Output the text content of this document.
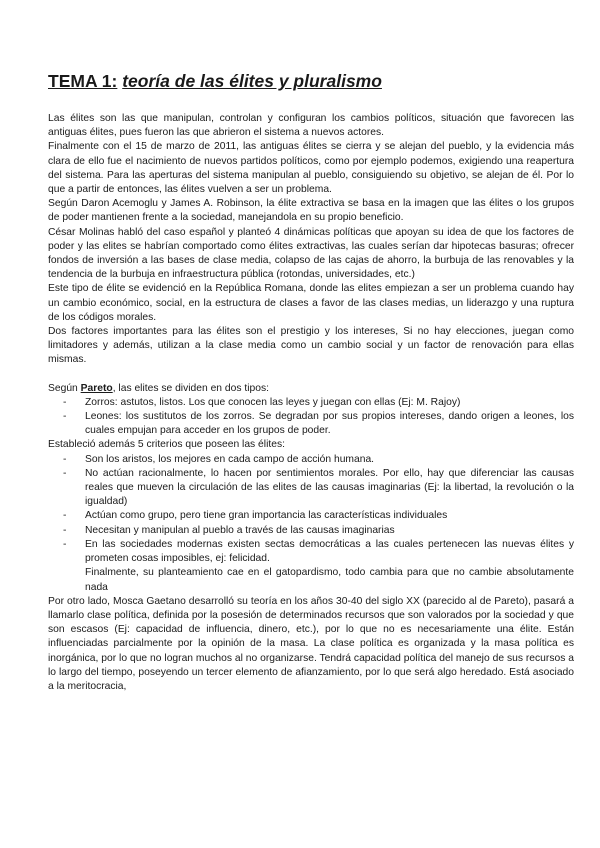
TEMA 1: teoría de las élites y pluralismo

Las élites son las que manipulan, controlan y configuran los cambios políticos, situación que favorecen las antiguas élites, pues fueron las que abrieron el sistema a nuevos actores.

Finalmente con el 15 de marzo de 2011, las antiguas élites se cierra y se alejan del pueblo, y la evidencia más clara de ello fue el nacimiento de nuevos partidos políticos, como por ejemplo podemos, exigiendo una reapertura del sistema. Para las aperturas del sistema manipulan al pueblo, consiguiendo su objetivo, se alejan de él. Por lo que a partir de entonces, las élites vuelven a ser un problema.

Según Daron Acemoglu y James A. Robinson, la élite extractiva se basa en la imagen que las élites o los grupos de poder mantienen frente a la sociedad, manejandola en su propio beneficio.

César Molinas habló del caso español y planteó 4 dinámicas políticas que apoyan su idea de que los factores de poder y las elites se habrían comportado como élites extractivas, las cuales serían dar hipotecas basuras; ofrecer fondos de inversión a las bases de clase media, colapso de las cajas de ahorro, la burbuja de las renovables y la tendencia de la burbuja en infraestructura pública (rotondas, universidades, etc.)

Este tipo de élite se evidenció en la República Romana, donde las elites empiezan a ser un problema cuando hay un cambio económico, social, en la estructura de clases a favor de las clases medias, un liderazgo y una ruptura de los códigos morales.

Dos factores importantes para las élites son el prestigio y los intereses, Si no hay elecciones, juegan como limitadores y además, utilizan a la clase media como un cambio social y un factor de renovación para ellas mismas.

Según Pareto, las elites se dividen en dos tipos:

- Zorros: astutos, listos. Los que conocen las leyes y juegan con ellas (Ej: M. Rajoy)
- Leones: los sustitutos de los zorros. Se degradan por sus propios intereses, dando origen a leones, los cuales empujan para acceder en los grupos de poder.

Estableció además 5 criterios que poseen las élites:

- Son los aristos, los mejores en cada campo de acción humana.
- No actúan racionalmente, lo hacen por sentimientos morales. Por ello, hay que diferenciar las causas reales que mueven la circulación de las elites de las causas imaginarias (Ej: la libertad, la revolución o la igualdad)
- Actúan como grupo, pero tiene gran importancia las características individuales
- Necesitan y manipulan al pueblo a través de las causas imaginarias
- En las sociedades modernas existen sectas democráticas a las cuales pertenecen las nuevas élites y prometen cosas imposibles, ej: felicidad.

Finalmente, su planteamiento cae en el gatopardismo, todo cambia para que no cambie absolutamente nada

Por otro lado, Mosca Gaetano desarrolló su teoría en los años 30-40 del siglo XX (parecido al de Pareto), pasará a llamarlo clase política, definida por la posesión de determinados recursos que son valorados por la sociedad y que son escasos (Ej: capacidad de influencia, dinero, etc.), por lo que no es necesariamente una élite. Están influenciadas parcialmente por la opinión de la masa. La clase política es organizada y la masa política es inorgánica, por lo que no logran muchos al no organizarse. Tendrá capacidad política del manejo de sus recursos a lo largo del tiempo, poseyendo un tercer elemento de afianzamiento, por lo que será algo heredado. Está asociado a la meritocracia,
